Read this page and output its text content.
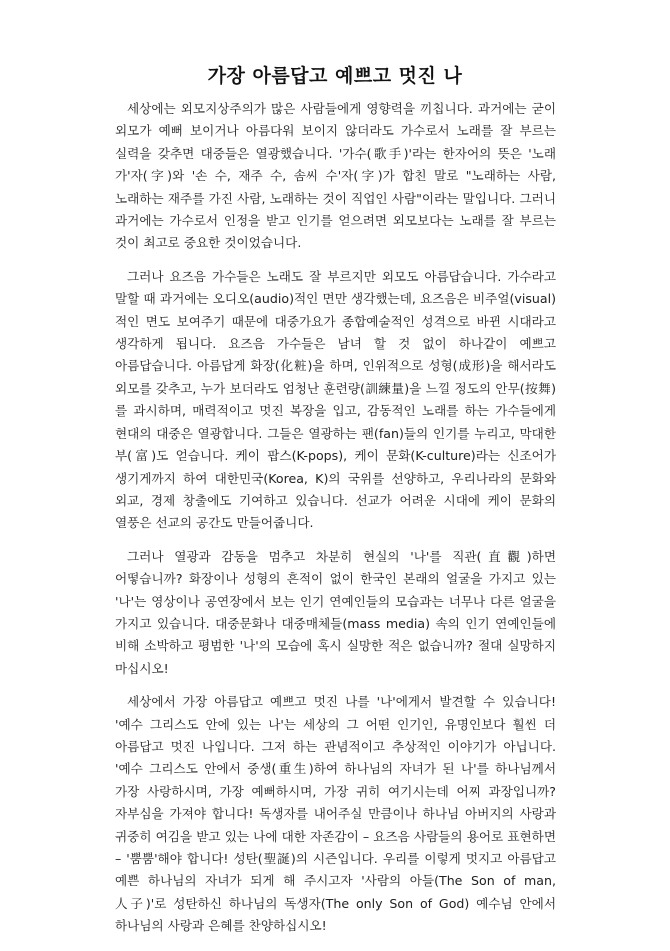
가장 아름답고 예쁘고 멋진 나

세상에는 외모지상주의가 많은 사람들에게 영향력을 끼칩니다. 과거에는 굳이 외모가 예뻐 보이거나 아름다워 보이지 않더라도 가수로서 노래를 잘 부르는 실력을 갖추면 대중들은 열광했습니다. '가수(歌手)'라는 한자어의 뜻은 '노래 가'자(字)와 '손 수, 재주 수, 솜씨 수'자(字)가 합친 말로 "노래하는 사람, 노래하는 재주를 가진 사람, 노래하는 것이 직업인 사람"이라는 말입니다. 그러니 과거에는 가수로서 인정을 받고 인기를 얻으려면 외모보다는 노래를 잘 부르는 것이 최고로 중요한 것이었습니다.

그러나 요즈음 가수들은 노래도 잘 부르지만 외모도 아름답습니다. 가수라고 말할 때 과거에는 오디오(audio)적인 면만 생각했는데, 요즈음은 비주얼(visual)적인 면도 보여주기 때문에 대중가요가 종합예술적인 성격으로 바뀐 시대라고 생각하게 됩니다. 요즈음 가수들은 남녀 할 것 없이 하나같이 예쁘고 아름답습니다. 아름답게 화장(化粧)을 하며, 인위적으로 성형(成形)을 해서라도 외모를 갖추고, 누가 보더라도 엄청난 훈련량(訓練量)을 느낄 정도의 안무(按舞)를 과시하며, 매력적이고 멋진 복장을 입고, 감동적인 노래를 하는 가수들에게 현대의 대중은 열광합니다. 그들은 열광하는 팬(fan)들의 인기를 누리고, 막대한 부(富)도 얻습니다. 케이 팝스(K-pops), 케이 문화(K-culture)라는 신조어가 생기게까지 하여 대한민국(Korea, K)의 국위를 선양하고, 우리나라의 문화와 외교, 경제 창출에도 기여하고 있습니다. 선교가 어려운 시대에 케이 문화의 열풍은 선교의 공간도 만들어줍니다.

그러나 열광과 감동을 멈추고 차분히 현실의 '나'를 직관(直觀)하면 어떻습니까? 화장이나 성형의 흔적이 없이 한국인 본래의 얼굴을 가지고 있는 '나'는 영상이나 공연장에서 보는 인기 연예인들의 모습과는 너무나 다른 얼굴을 가지고 있습니다. 대중문화나 대중매체들(mass media) 속의 인기 연예인들에 비해 소박하고 평범한 '나'의 모습에 혹시 실망한 적은 없습니까? 절대 실망하지 마십시오!

세상에서 가장 아름답고 예쁘고 멋진 나를 '나'에게서 발견할 수 있습니다! '예수 그리스도 안에 있는 나'는 세상의 그 어떤 인기인, 유명인보다 훨씬 더 아름답고 멋진 나입니다. 그저 하는 관념적이고 추상적인 이야기가 아닙니다. '예수 그리스도 안에서 중생(重生)하여 하나님의 자녀가 된 나'를 하나님께서 가장 사랑하시며, 가장 예뻐하시며, 가장 귀히 여기시는데 어찌 과장입니까? 자부심을 가져야 합니다! 독생자를 내어주실 만큼이나 하나님 아버지의 사랑과 귀중히 여김을 받고 있는 나에 대한 자존감이 – 요즈음 사람들의 용어로 표현하면 – '뿜뿜'해야 합니다! 성탄(聖誕)의 시즌입니다. 우리를 이렇게 멋지고 아름답고 예쁜 하나님의 자녀가 되게 해 주시고자 '사람의 아들(The Son of man, 人子)'로 성탄하신 하나님의 독생자(The only Son of God) 예수님 안에서 하나님의 사랑과 은혜를 찬양하십시오!
